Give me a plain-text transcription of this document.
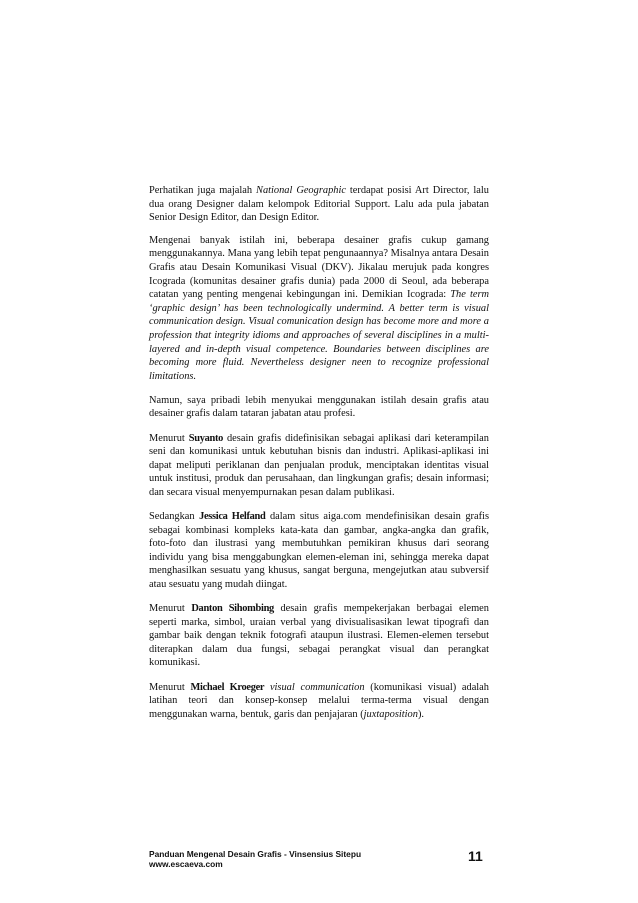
Perhatikan juga majalah National Geographic terdapat posisi Art Director, lalu dua orang Designer dalam kelompok Editorial Support. Lalu ada pula jabatan Senior Design Editor, dan Design Editor.

Mengenai banyak istilah ini, beberapa desainer grafis cukup gamang menggunakannya. Mana yang lebih tepat pengunaannya? Misalnya antara Desain Grafis atau Desain Komunikasi Visual (DKV). Jikalau merujuk pada kongres Icograda (komunitas desainer grafis dunia) pada 2000 di Seoul, ada beberapa catatan yang penting mengenai kebingungan ini. Demikian Icograda: The term ‘graphic design’ has been technologically undermind. A better term is visual communication design. Visual comunication design has become more and more a profession that integrity idioms and approaches of several disciplines in a multi-layered and in-depth visual competence. Boundaries between disciplines are becoming more fluid. Nevertheless designer neen to recognize professional limitations.

Namun, saya pribadi lebih menyukai menggunakan istilah desain grafis atau desainer grafis dalam tataran jabatan atau profesi.

Menurut Suyanto desain grafis didefinisikan sebagai aplikasi dari keterampilan seni dan komunikasi untuk kebutuhan bisnis dan industri. Aplikasi-aplikasi ini dapat meliputi periklanan dan penjualan produk, menciptakan identitas visual untuk institusi, produk dan perusahaan, dan lingkungan grafis; desain informasi; dan secara visual menyempurnakan pesan dalam publikasi.

Sedangkan Jessica Helfand dalam situs aiga.com mendefinisikan desain grafis sebagai kombinasi kompleks kata-kata dan gambar, angka-angka dan grafik, foto-foto dan ilustrasi yang membutuhkan pemikiran khusus dari seorang individu yang bisa menggabungkan elemen-eleman ini, sehingga mereka dapat menghasilkan sesuatu yang khusus, sangat berguna, mengejutkan atau subversif atau sesuatu yang mudah diingat.

Menurut Danton Sihombing desain grafis mempekerjakan berbagai elemen seperti marka, simbol, uraian verbal yang divisualisasikan lewat tipografi dan gambar baik dengan teknik fotografi ataupun ilustrasi. Elemen-elemen tersebut diterapkan dalam dua fungsi, sebagai perangkat visual dan perangkat komunikasi.

Menurut Michael Kroeger visual communication (komunikasi visual) adalah latihan teori dan konsep-konsep melalui terma-terma visual dengan menggunakan warna, bentuk, garis dan penjajaran (juxtaposition).

Panduan Mengenal Desain Grafis - Vinsensius Sitepu
www.escaeva.com	11
